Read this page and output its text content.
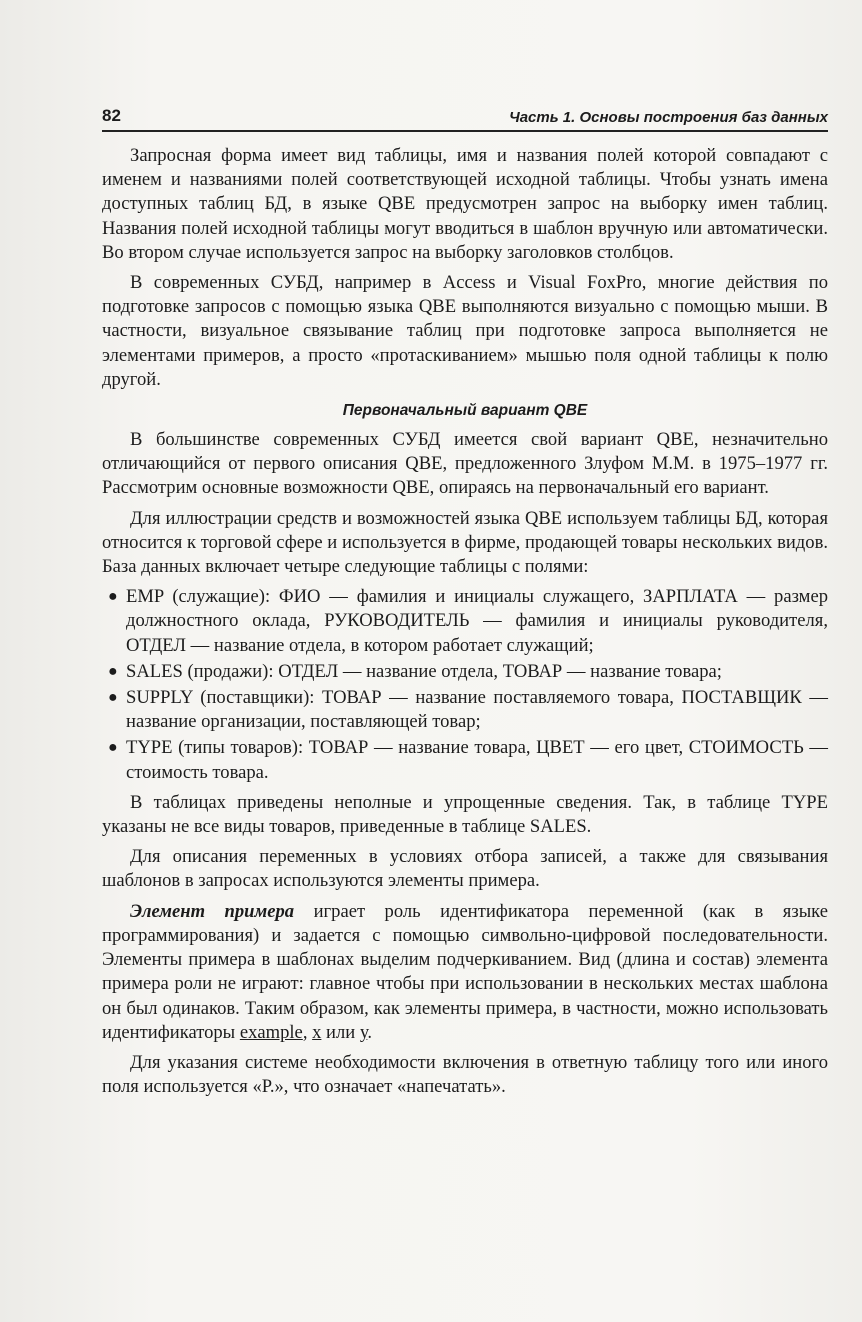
82	Часть 1. Основы построения баз данных

Запросная форма имеет вид таблицы, имя и названия полей которой совпадают с именем и названиями полей соответствующей исходной таблицы. Чтобы узнать имена доступных таблиц БД, в языке QBE предусмотрен запрос на выборку имен таблиц. Названия полей исходной таблицы могут вводиться в шаблон вручную или автоматически. Во втором случае используется запрос на выборку заголовков столбцов.

В современных СУБД, например в Access и Visual FoxPro, многие действия по подготовке запросов с помощью языка QBE выполняются визуально с помощью мыши. В частности, визуальное связывание таблиц при подготовке запроса выполняется не элементами примеров, а просто «протаскиванием» мышью поля одной таблицы к полю другой.

Первоначальный вариант QBE

В большинстве современных СУБД имеется свой вариант QBE, незначительно отличающийся от первого описания QBE, предложенного Злуфом М.М. в 1975–1977 гг. Рассмотрим основные возможности QBE, опираясь на первоначальный его вариант.

Для иллюстрации средств и возможностей языка QBE используем таблицы БД, которая относится к торговой сфере и используется в фирме, продающей товары нескольких видов. База данных включает четыре следующие таблицы с полями:

● EMP (служащие): ФИО — фамилия и инициалы служащего, ЗАРПЛАТА — размер должностного оклада, РУКОВОДИТЕЛЬ — фамилия и инициалы руководителя, ОТДЕЛ — название отдела, в котором работает служащий;
● SALES (продажи): ОТДЕЛ — название отдела, ТОВАР — название товара;
● SUPPLY (поставщики): ТОВАР — название поставляемого товара, ПОСТАВЩИК — название организации, поставляющей товар;
● TYPE (типы товаров): ТОВАР — название товара, ЦВЕТ — его цвет, СТОИМОСТЬ — стоимость товара.

В таблицах приведены неполные и упрощенные сведения. Так, в таблице TYPE указаны не все виды товаров, приведенные в таблице SALES.

Для описания переменных в условиях отбора записей, а также для связывания шаблонов в запросах используются элементы примера.

Элемент примера играет роль идентификатора переменной (как в языке программирования) и задается с помощью символьно-цифровой последовательности. Элементы примера в шаблонах выделим подчеркиванием. Вид (длина и состав) элемента примера роли не играют: главное чтобы при использовании в нескольких местах шаблона он был одинаков. Таким образом, как элементы примера, в частности, можно использовать идентификаторы example, х или у.

Для указания системе необходимости включения в ответную таблицу того или иного поля используется «Р.», что означает «напечатать».
